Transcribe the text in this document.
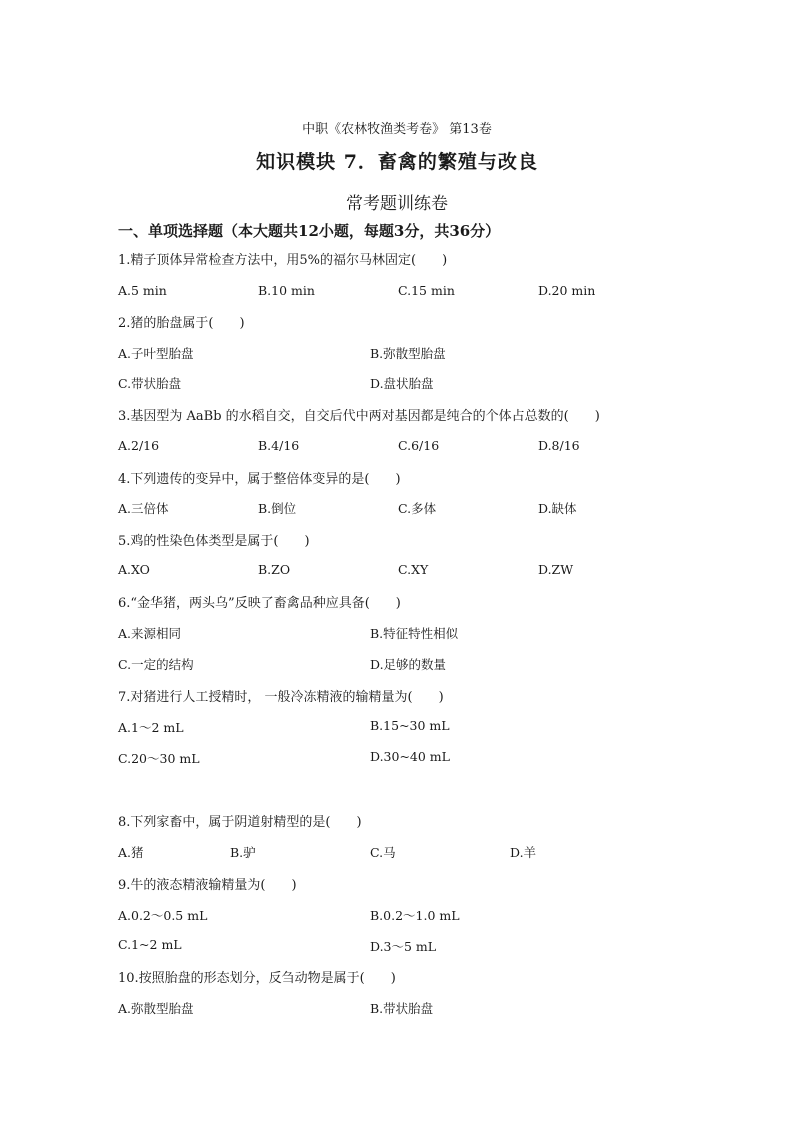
中职《农林牧渔类考卷》 第13卷
知识模块 7．畜禽的繁殖与改良
常考题训练卷
一、单项选择题（本大题共12小题，每题3分，共36分）
1.精子顶体异常检查方法中，用5%的福尔马林固定(　　)
A.5 min	B.10 min	C.15 min	D.20 min
2.猪的胎盘属于(　　)
A.子叶型胎盘	B.弥散型胎盘
C.带状胎盘	D.盘状胎盘
3.基因型为 AaBb 的水稻自交，自交后代中两对基因都是纯合的个体占总数的(　　)
A.2/16	B.4/16	C.6/16	D.8/16
4.下列遗传的变异中，属于整倍体变异的是(　　)
A.三倍体	B.倒位	C.多体	D.缺体
5.鸡的性染色体类型是属于(　　)
A.XO	B.ZO	C.XY	D.ZW
6.“金华猪，两头乌”反映了畜禽品种应具备(　　)
A.来源相同	B.特征特性相似
C.一定的结构	D.足够的数量
7.对猪进行人工授精时， 一般冷冻精液的输精量为(　　)
A.1～2 mL	B.15~30 mL
C.20～30 mL	D.30~40 mL
8.下列家畜中，属于阴道射精型的是(　　)
A.猪	B.驴	C.马	D.羊
9.牛的液态精液输精量为(　　)
A.0.2～0.5 mL	B.0.2～1.0 mL
C.1~2 mL	D.3～5 mL
10.按照胎盘的形态划分，反刍动物是属于(　　)
A.弥散型胎盘	B.带状胎盘
